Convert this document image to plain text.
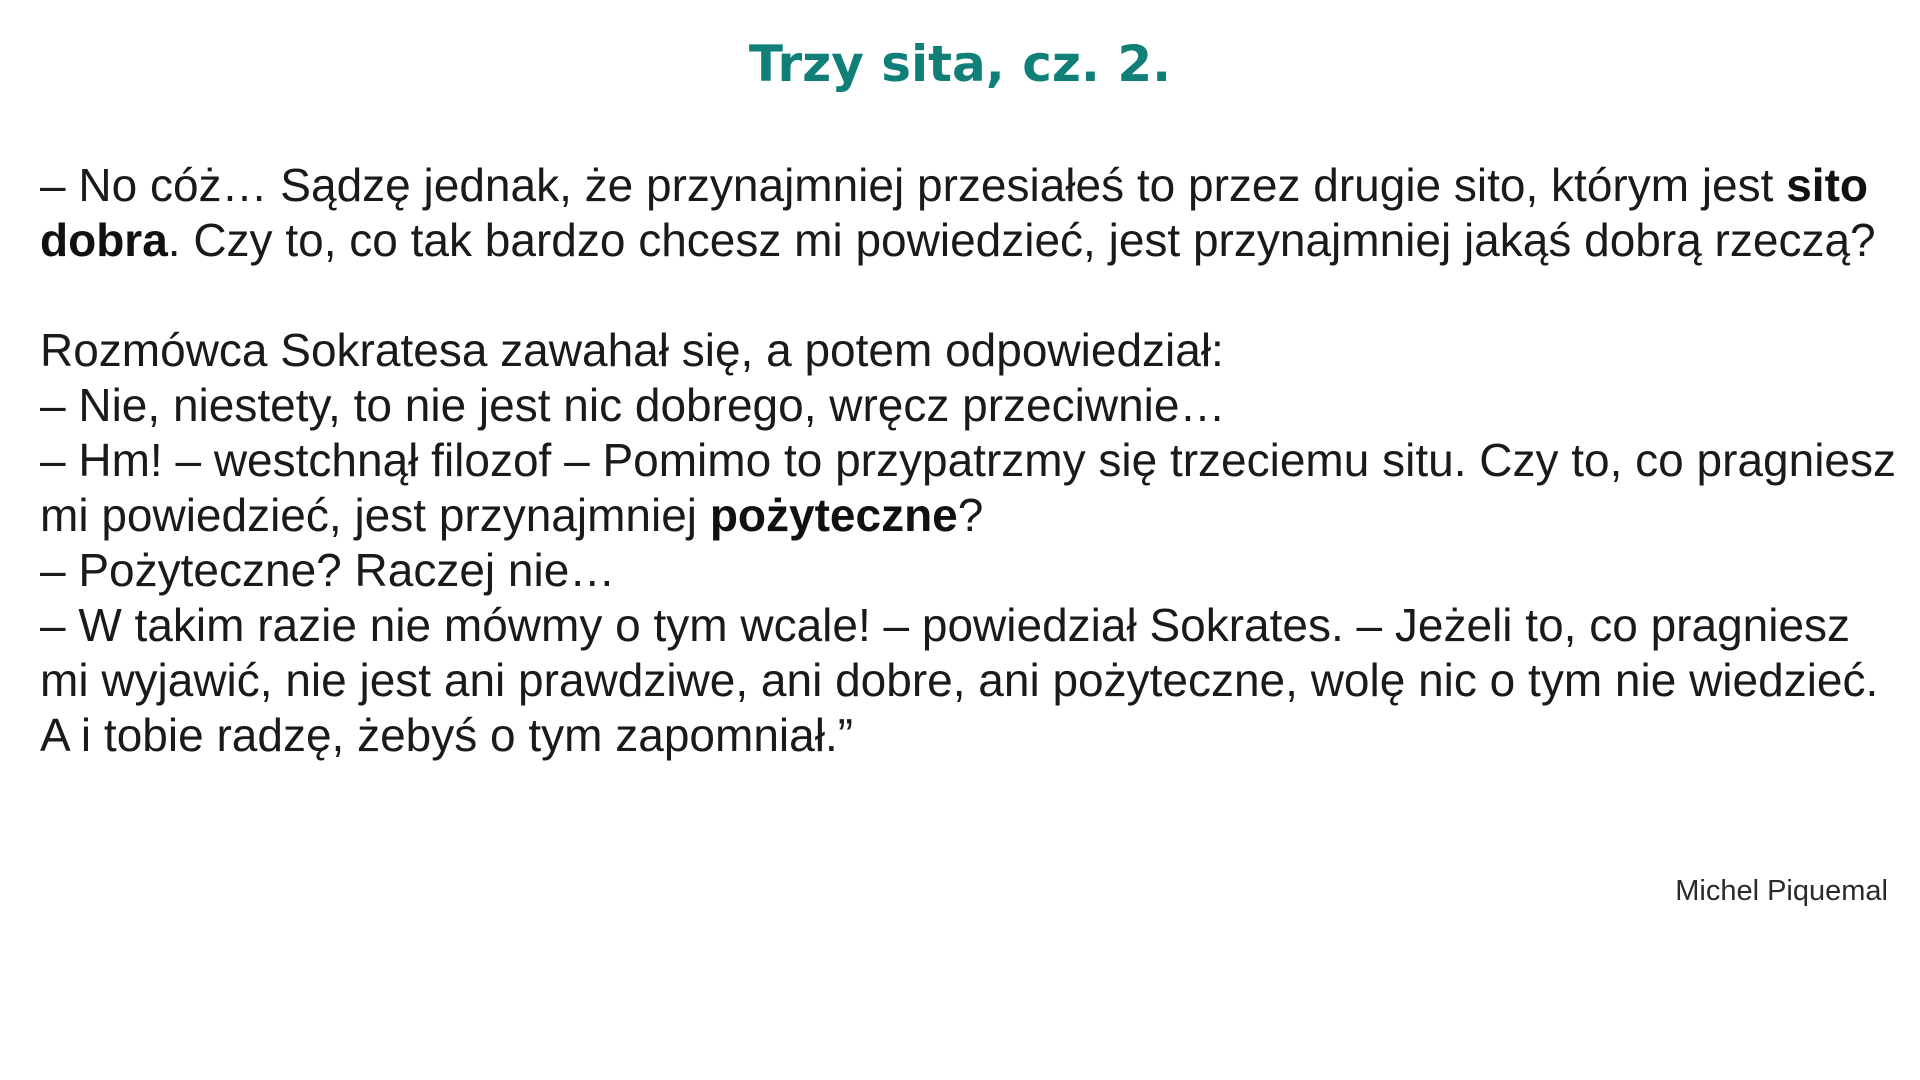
Trzy sita, cz. 2.

– No cóż… Sądzę jednak, że przynajmniej przesiałeś to przez drugie sito, którym jest sito dobra. Czy to, co tak bardzo chcesz mi powiedzieć, jest przynajmniej jakąś dobrą rzeczą?

Rozmówca Sokratesa zawahał się, a potem odpowiedział:

– Nie, niestety, to nie jest nic dobrego, wręcz przeciwnie…

– Hm! – westchnął filozof – Pomimo to przypatrzmy się trzeciemu situ. Czy to, co pragniesz mi powiedzieć, jest przynajmniej pożyteczne?

– Pożyteczne? Raczej nie…

– W takim razie nie mówmy o tym wcale! – powiedział Sokrates. – Jeżeli to, co pragniesz mi wyjawić, nie jest ani prawdziwe, ani dobre, ani pożyteczne, wolę nic o tym nie wiedzieć. A i tobie radzę, żebyś o tym zapomniał.”

Michel Piquemal
